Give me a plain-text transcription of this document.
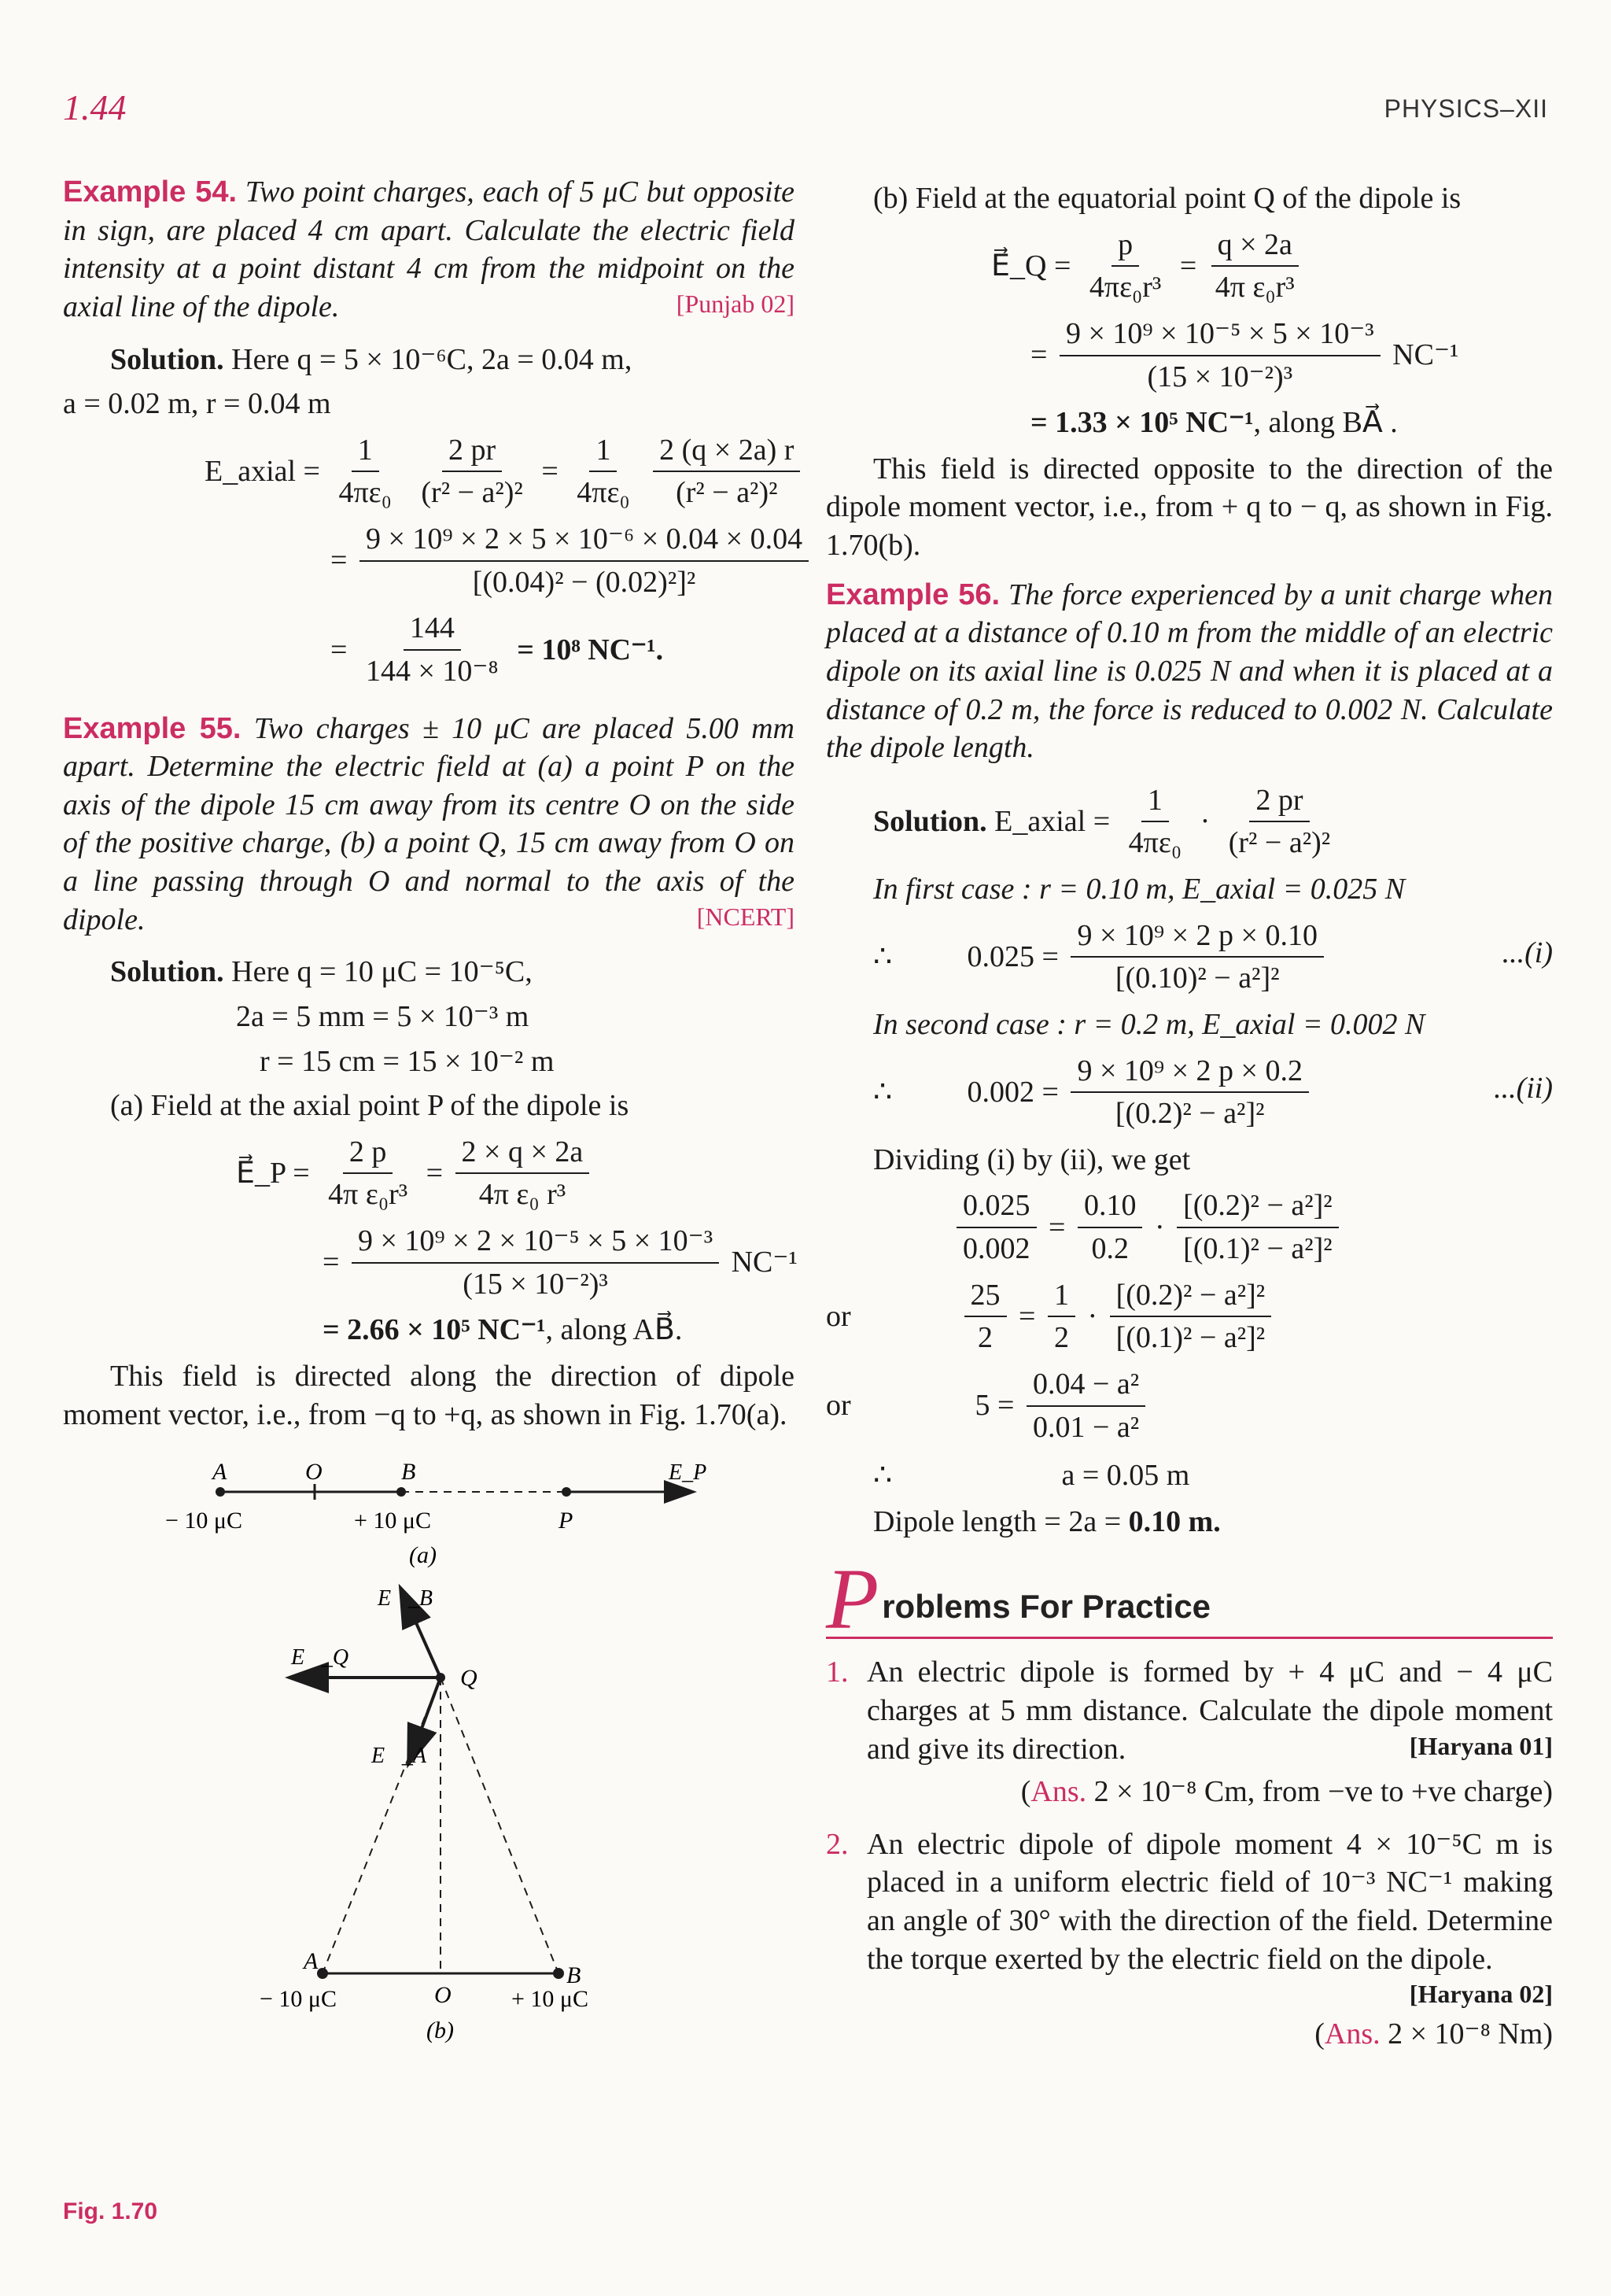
1.44	PHYSICS–XII
Example 54. Two point charges, each of 5 μC but opposite in sign, are placed 4 cm apart. Calculate the electric field intensity at a point distant 4 cm from the midpoint on the axial line of the dipole.	[Punjab 02]
Solution. Here q = 5 × 10⁻⁶C, 2a = 0.04 m,
a = 0.02 m, r = 0.04 m
E_axial = $\frac{1}{\text{4πε₀}}$
$\frac{2 pr}{\text{(r² − a²)²}} = \frac{1}{\text{4πε₀}}$
$\frac{2 (q \times 2a) r}{\text{(r² − a²)²}}$
= $\frac{\text{9 × 10⁹ × 2 × 5 × 10⁻⁶ × 0.04 × 0.04}}{\text{[(0.04)² − (0.02)²]²}}$
= $\frac{144}{\text{144 × 10⁻⁸}} = 10^8$ NC⁻¹.
Example 55. Two charges ± 10 μC are placed 5.00 mm apart. Determine the electric field at (a) a point P on the axis of the dipole 15 cm away from its centre O on the side of the positive charge, (b) a point Q, 15 cm away from O on a line passing through O and normal to the axis of the dipole.	[NCERT]
Solution. Here q = 10 μC = 10⁻⁵C,
2a = 5 mm = 5 × 10⁻³ m
r = 15 cm = 15 × 10⁻² m
(a) Field at the axial point P of the dipole is
E⃗_P = $\frac{2 p}{\text{4π ε₀r³}} = \frac{2 \times q \times 2a}{\text{4π ε₀ r³}}$
= $\frac{\text{9 × 10⁹ × 2 × 10⁻⁵ × 5 × 10⁻³}}{\text{(15 × 10⁻²)³}} NC^{-1}$
= 2.66 × 10⁵ NC⁻¹, along AB⃗.
This field is directed along the direction of dipole moment vector, i.e., from −q to +q, as shown in Fig. 1.70(a).
A	O	B	E_P
− 10 μC	+ 10 μC	P
(a)
E⃗_B
E⃗_Q
E⃗_A
Q
A
B
O
− 10 μC	+ 10 μC
(b)
Fig. 1.70
(b) Field at the equatorial point Q of the dipole is
E⃗_Q = $\frac{p}{\text{4πε₀r³}} = \frac{q \times 2a}{\text{4π ε₀r³}}$
= $\frac{\text{9 × 10⁹ × 10⁻⁵ × 5 × 10⁻³}}{\text{(15 × 10⁻²)³}} NC^{-1}$
= 1.33 × 10⁵ NC⁻¹, along BA⃗ .
This field is directed opposite to the direction of the dipole moment vector, i.e., from + q to − q, as shown in Fig. 1.70(b).
Example 56. The force experienced by a unit charge when placed at a distance of 0.10 m from the middle of an electric dipole on its axial line is 0.025 N and when it is placed at a distance of 0.2 m, the force is reduced to 0.002 N. Calculate the dipole length.
Solution. E_axial = $\frac{1}{\text{4πε₀}} \cdot \frac{2 pr}{\text{(r² − a²)²}}$
In first case : r = 0.10 m, E_axial = 0.025 N
∴	$0.025 = \frac{\text{9 × 10⁹ × 2 p × 0.10}}{\text{[(0.10)² − a²]²}}$	...(i)
In second case : r = 0.2 m, E_axial = 0.002 N
∴	$0.002 = \frac{\text{9 × 10⁹ × 2 p × 0.2}}{\text{[(0.2)² − a²]²}}$	...(ii)
Dividing (i) by (ii), we get
$\frac{0.025}{0.002} = \frac{0.10}{0.2} \cdot \frac{\text{[(0.2)² − a²]²}}{\text{[(0.1)² − a²]²}}$
or	$\frac{25}{2} = \frac{1}{2} \cdot \frac{\text{[(0.2)² − a²]²}}{\text{[(0.1)² − a²]²}}$
or	$5 = \frac{\text{0.04 − a²}}{\text{0.01 − a²}}$
∴	a = 0.05 m
Dipole length = 2a = 0.10 m.
P roblems For Practice
1. An electric dipole is formed by + 4 μC and − 4 μC charges at 5 mm distance. Calculate the dipole moment and give its direction.	[Haryana 01]
(Ans. 2 × 10⁻⁸ Cm, from −ve to +ve charge)
2. An electric dipole of dipole moment 4 × 10⁻⁵C m is placed in a uniform electric field of 10⁻³ NC⁻¹ making an angle of 30° with the direction of the field. Determine the torque exerted by the electric field on the dipole.
[Haryana 02]
(Ans. 2 × 10⁻⁸ Nm)
